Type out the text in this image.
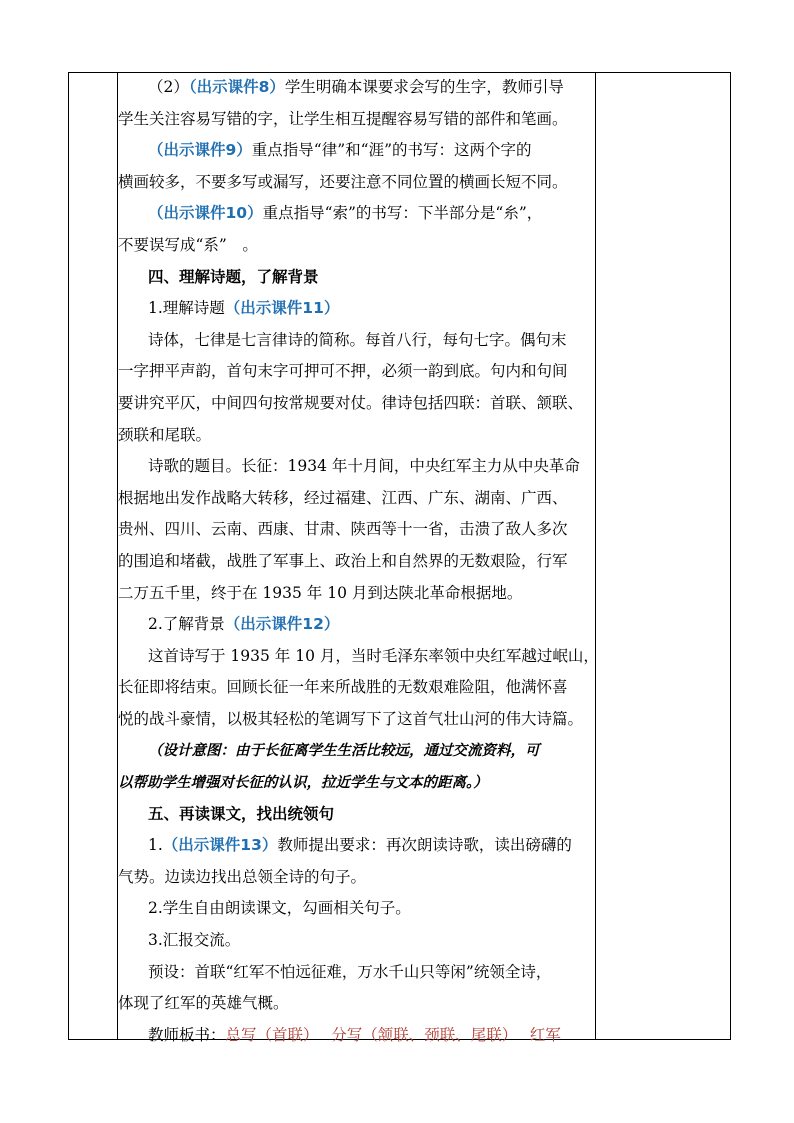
（2）（出示课件8）学生明确本课要求会写的生字，教师引导

学生关注容易写错的字，让学生相互提醒容易写错的部件和笔画。

（出示课件9）重点指导“律”和“涯”的书写：这两个字的

横画较多，不要多写或漏写，还要注意不同位置的横画长短不同。

（出示课件10）重点指导“索”的书写：下半部分是“糸”，

不要误写成“系”　。

四、理解诗题，了解背景

1.理解诗题（出示课件11）

诗体，七律是七言律诗的简称。每首八行，每句七字。偶句末

一字押平声韵，首句末字可押可不押，必须一韵到底。句内和句间

要讲究平仄，中间四句按常规要对仗。律诗包括四联：首联、颔联、

颈联和尾联。

诗歌的题目。长征：1934 年十月间，中央红军主力从中央革命

根据地出发作战略大转移，经过福建、江西、广东、湖南、广西、

贵州、四川、云南、西康、甘肃、陕西等十一省，击溃了敌人多次

的围追和堵截，战胜了军事上、政治上和自然界的无数艰险，行军

二万五千里，终于在 1935 年 10 月到达陕北革命根据地。

2.了解背景（出示课件12）

这首诗写于 1935 年 10 月，当时毛泽东率领中央红军越过岷山，

长征即将结束。回顾长征一年来所战胜的无数艰难险阻，他满怀喜

悦的战斗豪情，以极其轻松的笔调写下了这首气壮山河的伟大诗篇。

（设计意图：由于长征离学生生活比较远，通过交流资料，可

以帮助学生增强对长征的认识，拉近学生与文本的距离。）

五、再读课文，找出统领句

1.（出示课件13）教师提出要求：再次朗读诗歌，读出磅礴的

气势。边读边找出总领全诗的句子。

2.学生自由朗读课文，勾画相关句子。

3.汇报交流。

预设：首联“红军不怕远征难，万水千山只等闲”统领全诗，

体现了红军的英雄气概。

教师板书：总写（首联）　 分写（颔联、颈联、尾联）　 红军
